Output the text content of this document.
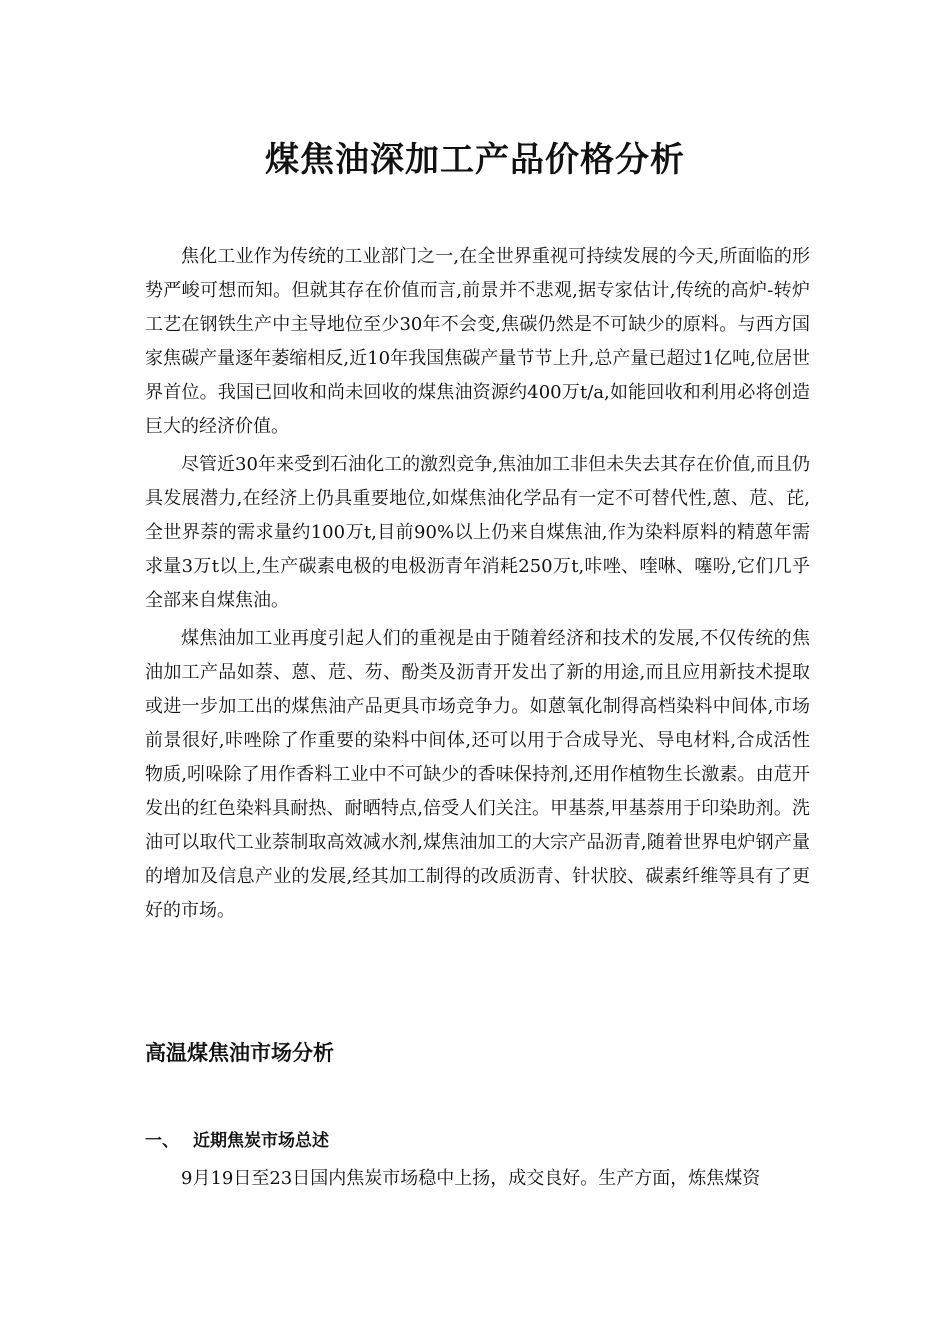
煤焦油深加工产品价格分析

焦化工业作为传统的工业部门之一,在全世界重视可持续发展的今天,所面临的形势严峻可想而知。但就其存在价值而言,前景并不悲观,据专家估计,传统的高炉-转炉工艺在钢铁生产中主导地位至少30年不会变,焦碳仍然是不可缺少的原料。与西方国家焦碳产量逐年萎缩相反,近10年我国焦碳产量节节上升,总产量已超过1亿吨,位居世界首位。我国已回收和尚未回收的煤焦油资源约400万t/a,如能回收和利用必将创造巨大的经济价值。

尽管近30年来受到石油化工的激烈竞争,焦油加工非但未失去其存在价值,而且仍具发展潜力,在经济上仍具重要地位,如煤焦油化学品有一定不可替代性,蒽、苊、芘,全世界萘的需求量约100万t,目前90%以上仍来自煤焦油,作为染料原料的精蒽年需求量3万t以上,生产碳素电极的电极沥青年消耗250万t,咔唑、喹啉、噻吩,它们几乎全部来自煤焦油。

煤焦油加工业再度引起人们的重视是由于随着经济和技术的发展,不仅传统的焦油加工产品如萘、蒽、苊、芴、酚类及沥青开发出了新的用途,而且应用新技术提取或进一步加工出的煤焦油产品更具市场竞争力。如蒽氧化制得高档染料中间体,市场前景很好,咔唑除了作重要的染料中间体,还可以用于合成导光、导电材料,合成活性物质,吲哚除了用作香料工业中不可缺少的香味保持剂,还用作植物生长激素。由苊开发出的红色染料具耐热、耐晒特点,倍受人们关注。甲基萘,甲基萘用于印染助剂。洗油可以取代工业萘制取高效减水剂,煤焦油加工的大宗产品沥青,随着世界电炉钢产量的增加及信息产业的发展,经其加工制得的改质沥青、针状胶、碳素纤维等具有了更好的市场。

高温煤焦油市场分析
一、 近期焦炭市场总述

9月19日至23日国内焦炭市场稳中上扬，成交良好。生产方面，炼焦煤资
